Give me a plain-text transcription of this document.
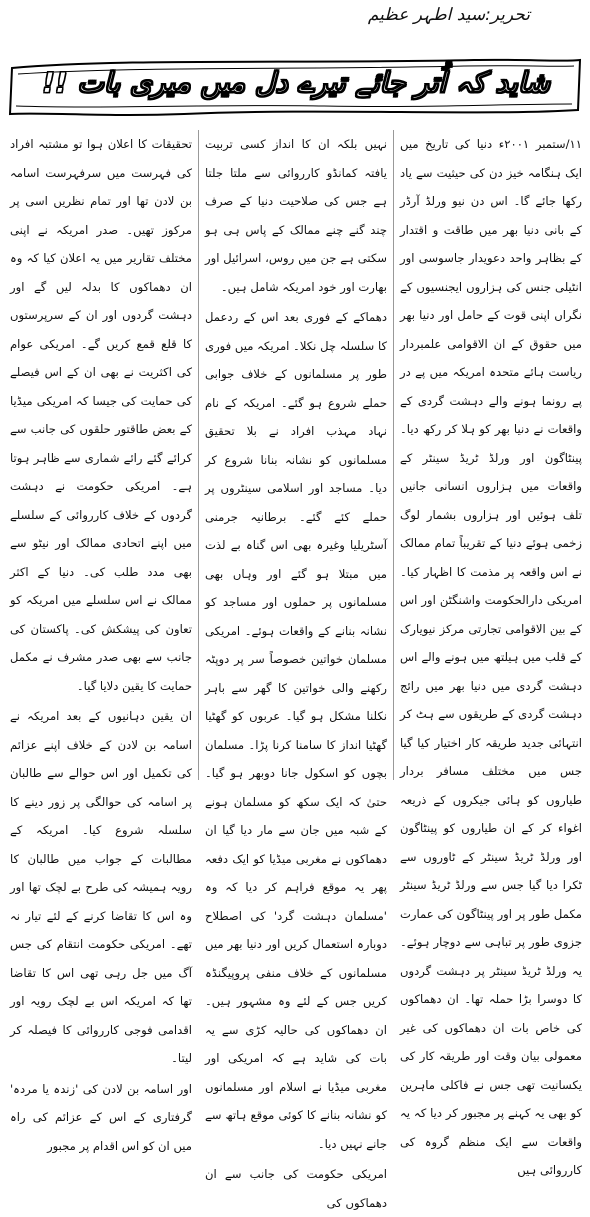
تحریر:سید اطہر عظیم
شاید کہ اُتر جائے تیرے دل میں میری بات !!

۱۱/ستمبر ۲۰۰۱ء دنیا کی تاریخ میں ایک ہنگامہ خیز دن کی حیثیت سے یاد رکھا جائے گا۔ اس دن نیو ورلڈ آرڈر کے بانی دنیا بھر میں طاقت و اقتدار کے بظاہر واحد دعویدار جاسوسی اور انٹیلی جنس کی ہزاروں ایجنسیوں کے نگراں اپنی قوت کے حامل اور دنیا بھر میں حقوق کے ان الاقوامی علمبردار ریاست ہائے متحدہ امریکہ میں پے در پے رونما ہونے والے دہشت گردی کے واقعات نے دنیا بھر کو ہلا کر رکھ دیا۔ پینٹاگون اور ورلڈ ٹریڈ سینٹر کے واقعات میں ہزاروں انسانی جانیں تلف ہوئیں اور ہزاروں بشمار لوگ زخمی ہوئے دنیا کے تقریباً تمام ممالک نے اس واقعہ پر مذمت کا اظہار کیا۔ امریکی دارالحکومت واشنگٹن اور اس کے بین الاقوامی تجارتی مرکز نیویارک کے قلب میں ہیلتھ میں ہونے والے اس دہشت گردی میں دنیا بھر میں رائج دہشت گردی کے طریقوں سے ہٹ کر انتہائی جدید طریقہ کار اختیار کیا گیا جس میں مختلف مسافر بردار طیاروں کو ہائی جیکروں کے ذریعہ اغواء کر کے ان طیاروں کو پینٹاگون اور ورلڈ ٹریڈ سینٹر کے ٹاوروں سے ٹکرا دیا گیا جس سے ورلڈ ٹریڈ سینٹر مکمل طور پر اور پینٹاگون کی عمارت جزوی طور پر تباہی سے دوچار ہوئے۔ یہ ورلڈ ٹریڈ سینٹر پر دہشت گردوں کا دوسرا بڑا حملہ تھا۔ ان دھماکوں کی خاص بات ان دھماکوں کی غیر معمولی بیان وقت اور طریقہ کار کی یکسانیت تھی جس نے فاکلی ماہرین کو بھی یہ کہنے پر مجبور کر دیا کہ یہ واقعات سے ایک منظم گروہ کی کارروائی ہیں

نہیں بلکہ ان کا انداز کسی تربیت یافتہ کمانڈو کارروائی سے ملتا جلتا ہے جس کی صلاحیت دنیا کے صرف چند گنے چنے ممالک کے پاس ہی ہو سکتی ہے جن میں روس، اسرائیل اور بھارت اور خود امریکہ شامل ہیں۔

دھماکے کے فوری بعد اس کے ردعمل کا سلسلہ چل نکلا۔ امریکہ میں فوری طور پر مسلمانوں کے خلاف جوابی حملے شروع ہو گئے۔ امریکہ کے نام نہاد مہذب افراد نے بلا تحقیق مسلمانوں کو نشانہ بنانا شروع کر دیا۔ مساجد اور اسلامی سینٹروں پر حملے کئے گئے۔ برطانیہ جرمنی آسٹریلیا وغیرہ بھی اس گناہ بے لذت میں مبتلا ہو گئے اور وہاں بھی مسلمانوں پر حملوں اور مساجد کو نشانہ بنانے کے واقعات ہوئے۔ امریکی مسلمان خواتین خصوصاً سر پر دوپٹہ رکھنے والی خواتین کا گھر سے باہر نکلنا مشکل ہو گیا۔ عربوں کو گھٹیا گھٹیا انداز کا سامنا کرنا پڑا۔ مسلمان بچوں کو اسکول جانا دوبھر ہو گیا۔ حتیٰ کہ ایک سکھ کو مسلمان ہونے کے شبہ میں جان سے مار دیا گیا ان دھماکوں نے مغربی میڈیا کو ایک دفعہ پھر یہ موقع فراہم کر دیا کہ وہ 'مسلمان دہشت گرد' کی اصطلاح دوبارہ استعمال کریں اور دنیا بھر میں مسلمانوں کے خلاف منفی پروپیگنڈہ کریں جس کے لئے وہ مشہور ہیں۔ ان دھماکوں کی حالیہ کڑی سے یہ بات کی شاید ہے کہ امریکی اور مغربی میڈیا نے اسلام اور مسلمانوں کو نشانہ بنانے کا کوئی موقع ہاتھ سے جانے نہیں دیا۔

امریکی حکومت کی جانب سے ان دھماکوں کی

تحقیقات کا اعلان ہوا تو مشتبہ افراد کی فہرست میں سرفہرست اسامہ بن لادن تھا اور تمام نظریں اسی پر مرکوز تھیں۔ صدر امریکہ نے اپنی مختلف تقاریر میں یہ اعلان کیا کہ وہ ان دھماکوں کا بدلہ لیں گے اور دہشت گردوں اور ان کے سرپرستوں کا قلع قمع کریں گے۔ امریکی عوام کی اکثریت نے بھی ان کے اس فیصلے کی حمایت کی جیسا کہ امریکی میڈیا کے بعض طاقتور حلقوں کی جانب سے کرائے گئے رائے شماری سے ظاہر ہوتا ہے۔ امریکی حکومت نے دہشت گردوں کے خلاف کارروائی کے سلسلے میں اپنے اتحادی ممالک اور نیٹو سے بھی مدد طلب کی۔ دنیا کے اکثر ممالک نے اس سلسلے میں امریکہ کو تعاون کی پیشکش کی۔ پاکستان کی جانب سے بھی صدر مشرف نے مکمل حمایت کا یقین دلایا گیا۔

ان یقین دہانیوں کے بعد امریکہ نے اسامہ بن لادن کے خلاف اپنے عزائم کی تکمیل اور اس حوالے سے طالبان پر اسامہ کی حوالگی پر زور دینے کا سلسلہ شروع کیا۔ امریکہ کے مطالبات کے جواب میں طالبان کا رویہ ہمیشہ کی طرح بے لچک تھا اور وہ اس کا تقاضا کرنے کے لئے تیار نہ تھے۔ امریکی حکومت انتقام کی جس آگ میں جل رہی تھی اس کا تقاضا تھا کہ امریکہ اس بے لچک رویہ اور اقدامی فوجی کارروائی کا فیصلہ کر لیتا۔

اور اسامہ بن لادن کی 'زندہ یا مردہ' گرفتاری کے اس کے عزائم کی راہ میں ان کو اس اقدام پر مجبور
